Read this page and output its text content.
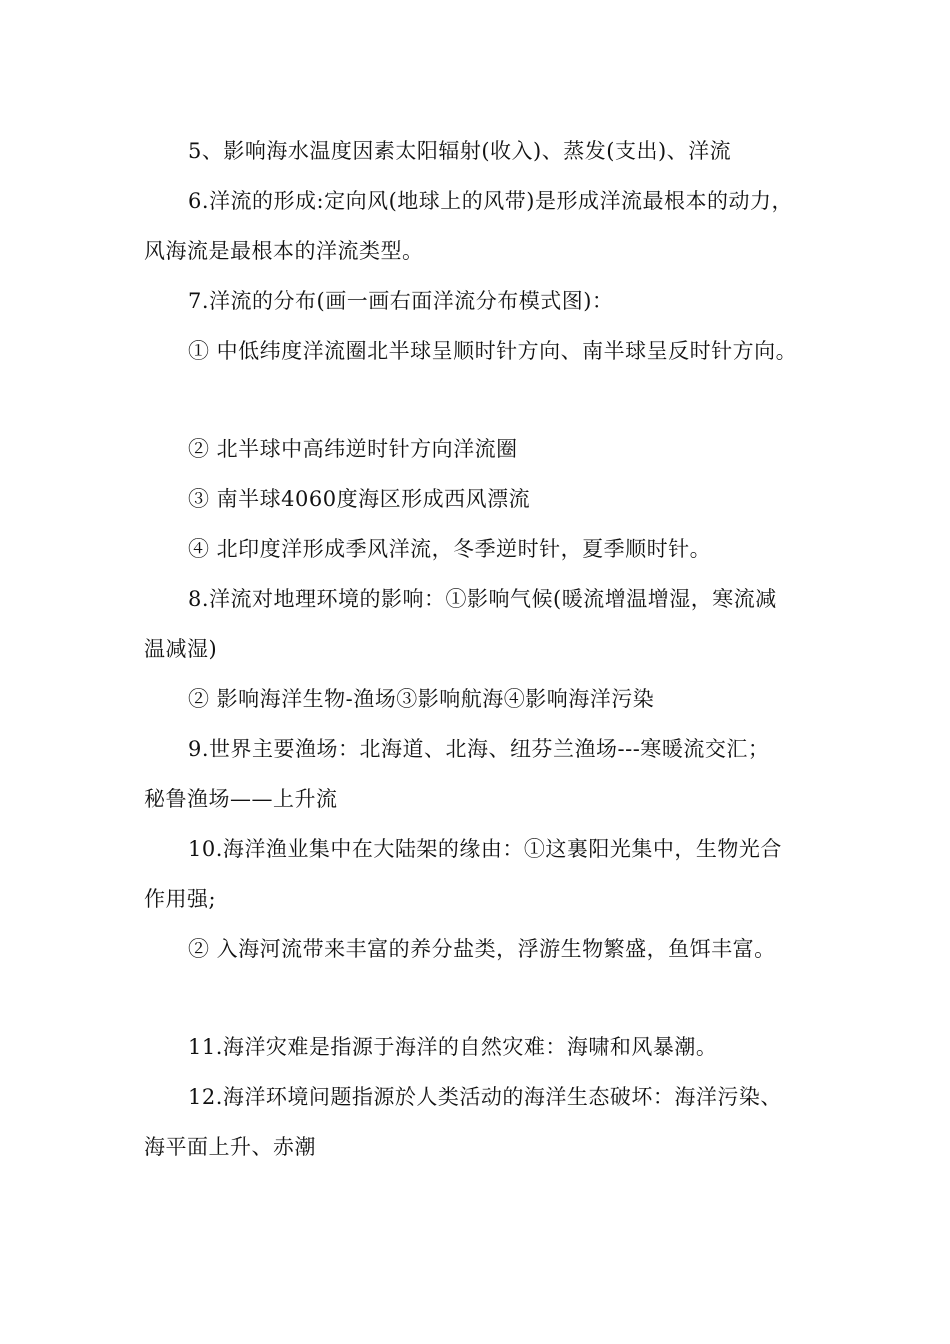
5、影响海水温度因素太阳辐射(收入)、蒸发(支出)、洋流
6.洋流的形成:定向风(地球上的风带)是形成洋流最根本的动力，
风海流是最根本的洋流类型。
7.洋流的分布(画一画右面洋流分布模式图)：
① 中低纬度洋流圈北半球呈顺时针方向、南半球呈反时针方向。
② 北半球中高纬逆时针方向洋流圈
③ 南半球4060度海区形成西风漂流
④ 北印度洋形成季风洋流，冬季逆时针，夏季顺时针。
8.洋流对地理环境的影响：①影响气候(暖流增温增湿，寒流减
温减湿)
② 影响海洋生物-渔场③影响航海④影响海洋污染
9.世界主要渔场：北海道、北海、纽芬兰渔场---寒暖流交汇；
秘鲁渔场——上升流
10.海洋渔业集中在大陆架的缘由：①这裏阳光集中，生物光合
作用强;
② 入海河流带来丰富的养分盐类，浮游生物繁盛，鱼饵丰富。
11.海洋灾难是指源于海洋的自然灾难：海啸和风暴潮。
12.海洋环境问题指源於人类活动的海洋生态破坏：海洋污染、
海平面上升、赤潮
